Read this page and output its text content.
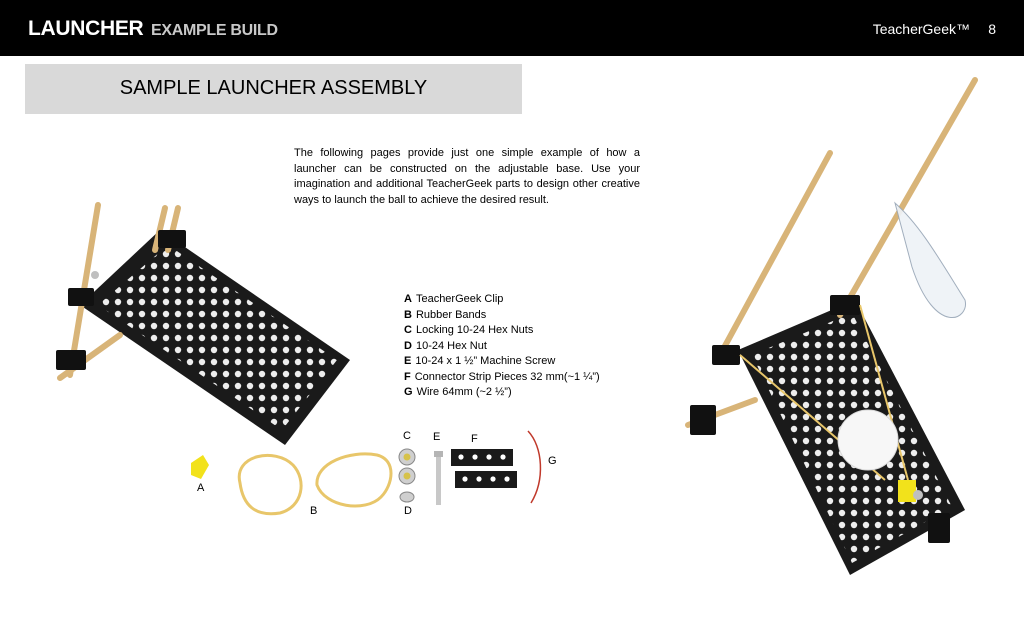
LAUNCHER EXAMPLE BUILD	TeacherGeek™ 8
SAMPLE LAUNCHER ASSEMBLY

The following pages provide just one simple example of how a launcher can be constructed on the adjustable base. Use your imagination and additional TeacherGeek parts to design other creative ways to launch the ball to achieve the desired result.

A TeacherGeek Clip
B Rubber Bands
C Locking 10-24 Hex Nuts
D 10-24 Hex Nut
E 10-24 x 1 ½” Machine Screw
F Connector Strip Pieces 32 mm(~1 ¼”)
G Wire 64mm (~2 ½”)
A
B
C
D
E	F
G
